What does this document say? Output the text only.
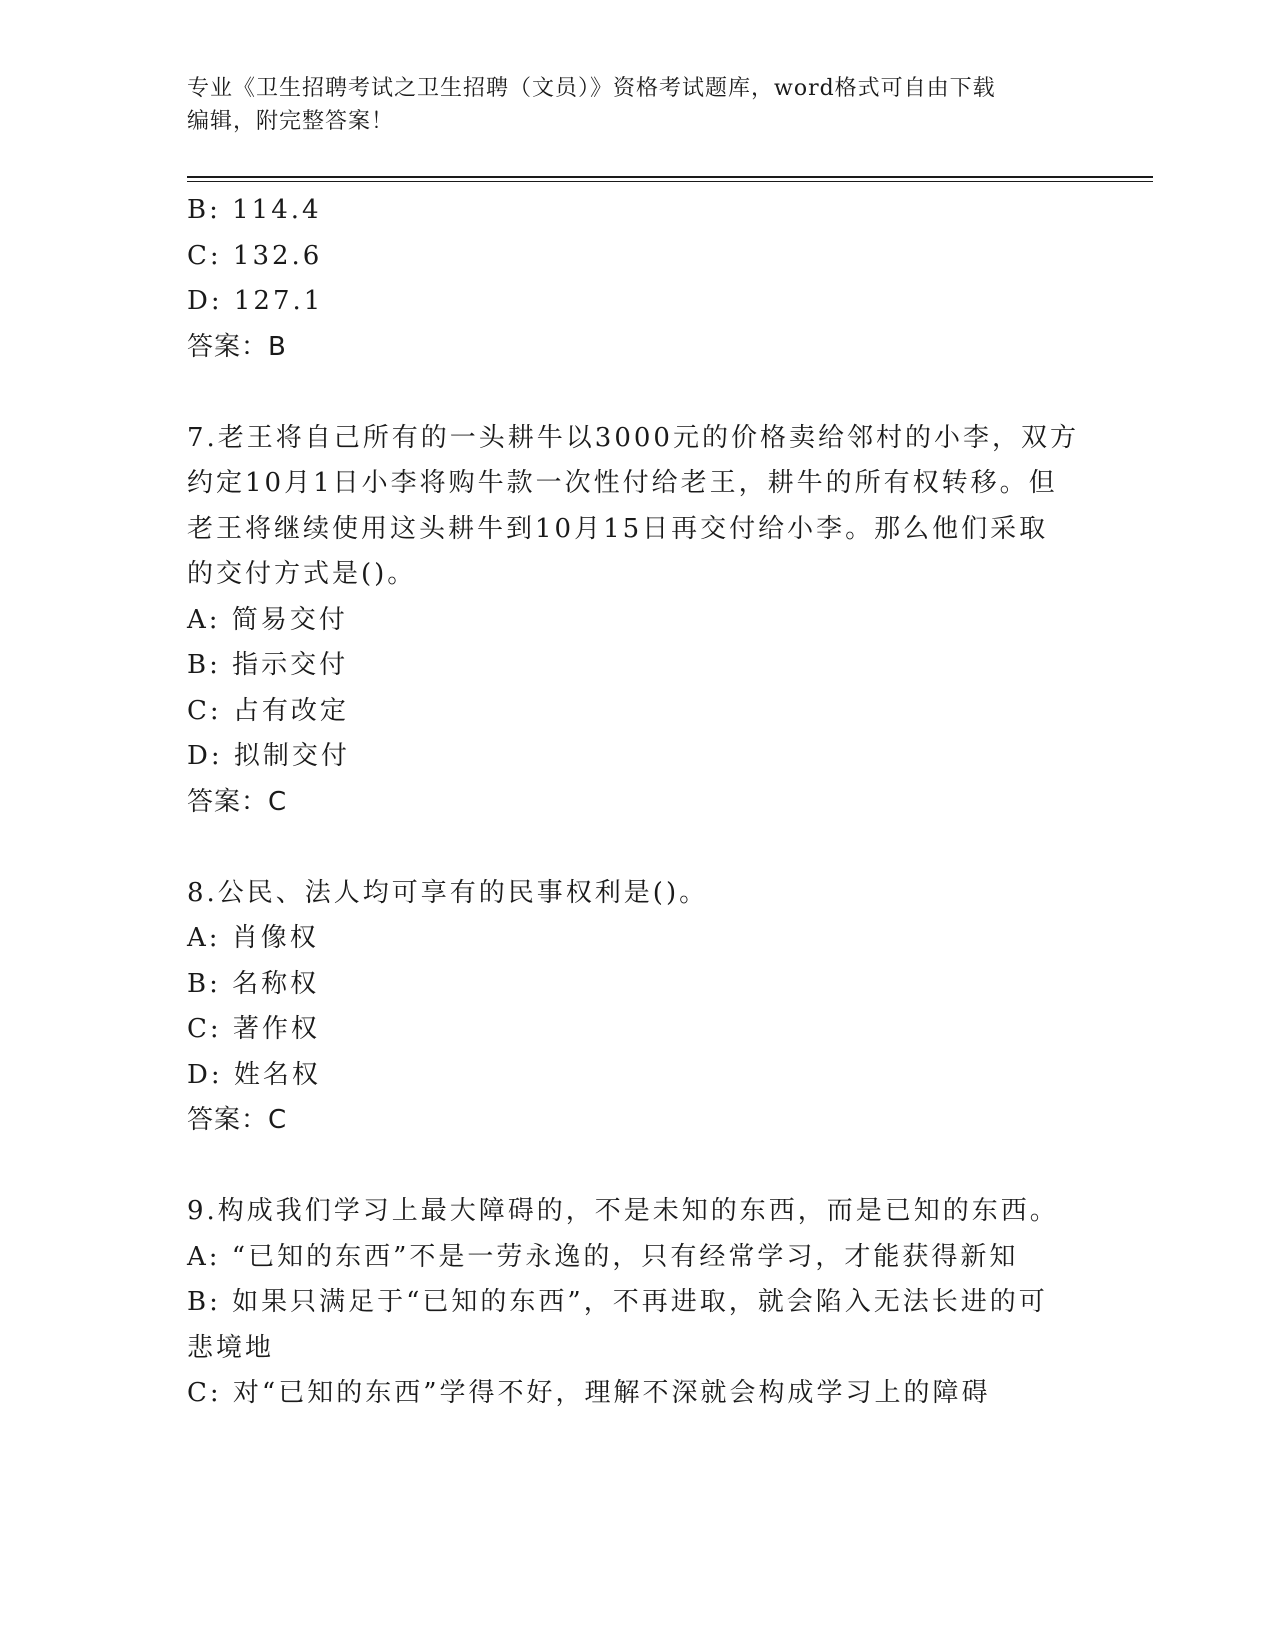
专业《卫生招聘考试之卫生招聘（文员）》资格考试题库，word格式可自由下载
编辑，附完整答案！
B: 114.4
C: 132.6
D: 127.1
答案：B
7.老王将自己所有的一头耕牛以3000元的价格卖给邻村的小李，双方
约定10月1日小李将购牛款一次性付给老王，耕牛的所有权转移。但
老王将继续使用这头耕牛到10月15日再交付给小李。那么他们采取
的交付方式是()。
A: 简易交付
B: 指示交付
C: 占有改定
D: 拟制交付
答案：C
8.公民、法人均可享有的民事权利是()。
A: 肖像权
B: 名称权
C: 著作权
D: 姓名权
答案：C
9.构成我们学习上最大障碍的，不是未知的东西，而是已知的东西。
A: “已知的东西”不是一劳永逸的，只有经常学习，才能获得新知
B: 如果只满足于“已知的东西”，不再进取，就会陷入无法长进的可
悲境地
C: 对“已知的东西”学得不好，理解不深就会构成学习上的障碍
